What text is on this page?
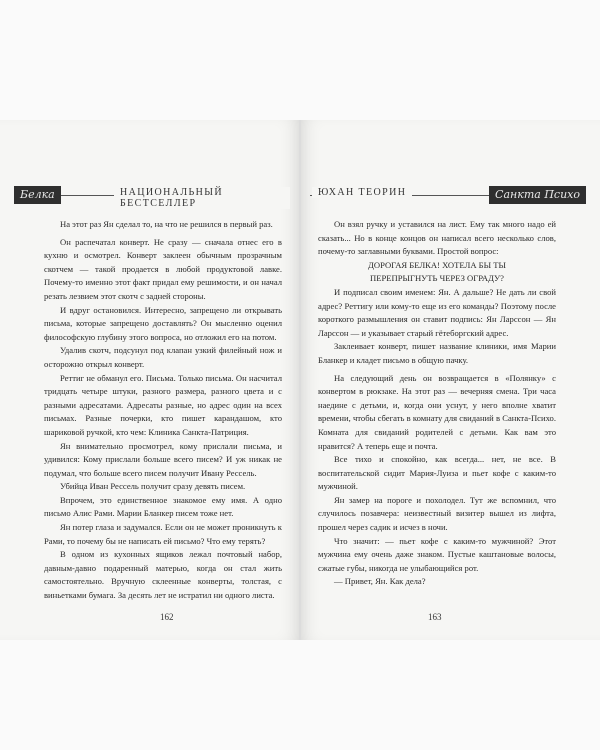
Белка	НАЦИОНАЛЬНЫЙ БЕСТСЕЛЛЕР
ЮХАН ТЕОРИН	Санкта Психо

На этот раз Ян сделал то, на что не решился в первый раз.

Он распечатал конверт. Не сразу — сначала отнес его в кухню и осмотрел. Конверт заклеен обычным прозрачным скотчем — такой продается в любой продуктовой лавке. Почему-то именно этот факт придал ему решимости, и он начал резать лезвием этот скотч с задней стороны.

И вдруг остановился. Интересно, запрещено ли открывать письма, которые запрещено доставлять? Он мысленно оценил философскую глубину этого вопроса, но отложил его на потом.

Удалив скотч, подсунул под клапан узкий филейный нож и осторожно открыл конверт.

Реттиг не обманул его. Письма. Только письма. Он насчитал тридцать четыре штуки, разного размера, разного цвета и с разными адресатами. Адресаты разные, но адрес один на всех письмах. Разные почерки, кто пишет карандашом, кто шариковой ручкой, кто чем: Клиника Санкта-Патриция.

Ян внимательно просмотрел, кому прислали письма, и удивился: Кому прислали больше всего писем? И уж никак не подумал, что больше всего писем получит Ивану Рессель.

Убийца Иван Рессель получит сразу девять писем.

Впрочем, это единственное знакомое ему имя. А одно письмо Алис Рами. Марии Бланкер писем тоже нет.

Ян потер глаза и задумался. Если он не может проникнуть к Рами, то почему бы не написать ей письмо? Что ему терять?

В одном из кухонных ящиков лежал почтовый набор, давным-давно подаренный матерью, когда он стал жить самостоятельно. Вручную склеенные конверты, толстая, с виньетками бумага. За десять лет не истратил ни одного листа.

162

Он взял ручку и уставился на лист. Ему так много надо ей сказать... Но в конце концов он написал всего несколько слов, почему-то заглавными буквами. Простой вопрос:

ДОРОГАЯ БЕЛКА! ХОТЕЛА БЫ ТЫ

ПЕРЕПРЫГНУТЬ ЧЕРЕЗ ОГРАДУ?

И подписал своим именем: Ян. А дальше? Не дать ли свой адрес? Реттигу или кому-то еще из его команды? Поэтому после короткого размышления он ставит подпись: Ян Ларссон — Ян Ларссон — и указывает старый гётеборгский адрес.

Заклеивает конверт, пишет название клиники, имя Марии Бланкер и кладет письмо в общую пачку.

На следующий день он возвращается в «Полянку» с конвертом в рюкзаке. На этот раз — вечерняя смена. Три часа наедине с детьми, и, когда они уснут, у него вполне хватит времени, чтобы сбегать в комнату для свиданий в Санкта-Психо. Комната для свиданий родителей с детьми. Как вам это нравится? А теперь еще и почта.

Все тихо и спокойно, как всегда... нет, не все. В воспитательской сидит Мария-Луиза и пьет кофе с каким-то мужчиной.

Ян замер на пороге и похолодел. Тут же вспомнил, что случилось позавчера: неизвестный визитер вышел из лифта, прошел через садик и исчез в ночи.

Что значит: — пьет кофе с каким-то мужчиной? Этот мужчина ему очень даже знаком. Пустые каштановые волосы, сжатые губы, никогда не улыбающийся рот.

— Привет, Ян. Как дела?

163
